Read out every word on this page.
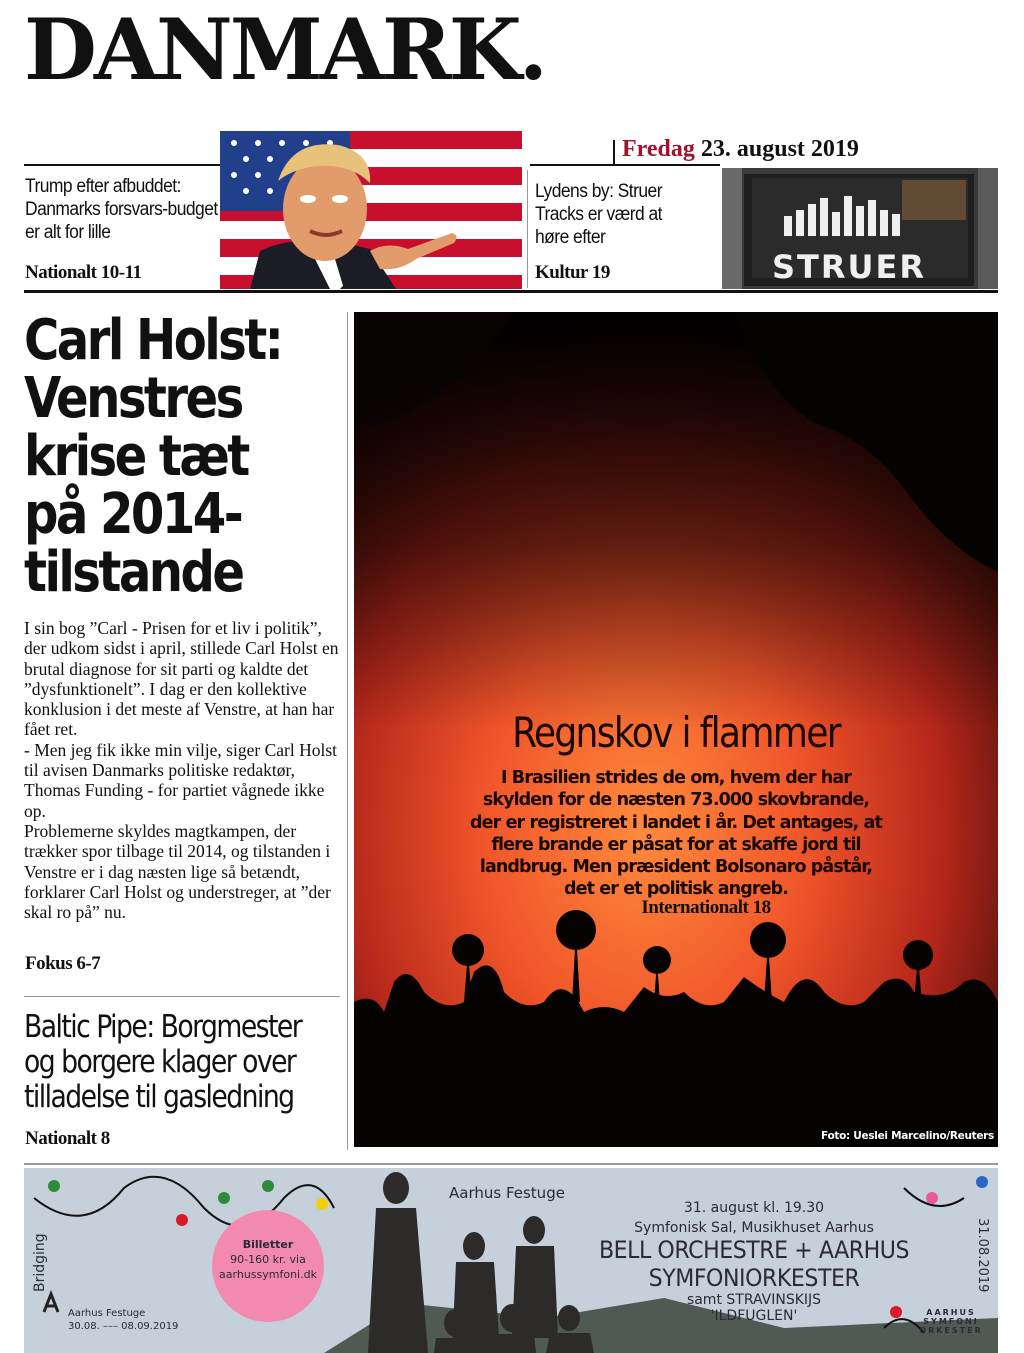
DANMARK.
Fredag 23. august 2019
Trump efter afbuddet: Danmarks forsvars-budget er alt for lille
Nationalt 10-11
Lydens by: Struer Tracks er værd at høre efter
Kultur 19	STRUER
Carl Holst:
Venstres
krise tæt
på 2014-
tilstande

I sin bog ”Carl - Prisen for et liv i politik”, der udkom sidst i april, stillede Carl Holst en brutal diagnose for sit parti og kaldte det ”dysfunktionelt”. I dag er den kollektive konklusion i det meste af Venstre, at han har fået ret.

- Men jeg fik ikke min vilje, siger Carl Holst til avisen Danmarks politiske redaktør, Thomas Funding - for partiet vågnede ikke op.

Problemerne skyldes magtkampen, der trækker spor tilbage til 2014, og tilstanden i Venstre er i dag næsten lige så betændt, forklarer Carl Holst og understreger, at ”der skal ro på” nu.

Fokus 6-7
Baltic Pipe: Borgmester
og borgere klager over
tilladelse til gasledning
Nationalt 8
Regnskov i flammer
I Brasilien strides de om, hvem der har skylden for de næsten 73.000 skovbrande, der er registreret i landet i år. Det antages, at flere brande er påsat for at skaffe jord til landbrug. Men præsident Bolsonaro påstår, det er et politisk angreb.
Internationalt 18
Foto: Ueslei Marcelino/Reuters
Bridging
Aarhus Festuge
30.08. ––– 08.09.2019
Billetter
90-160 kr. via
aarhussymfoni.dk
Aarhus Festuge
31. august kl. 19.30
Symfonisk Sal, Musikhuset Aarhus
BELL ORCHESTRE + AARHUS
SYMFONIORKESTER
samt STRAVINSKIJS
'ILDFUGLEN'
31.08.2019
AARHUS
SYMFONI
ORKESTER
